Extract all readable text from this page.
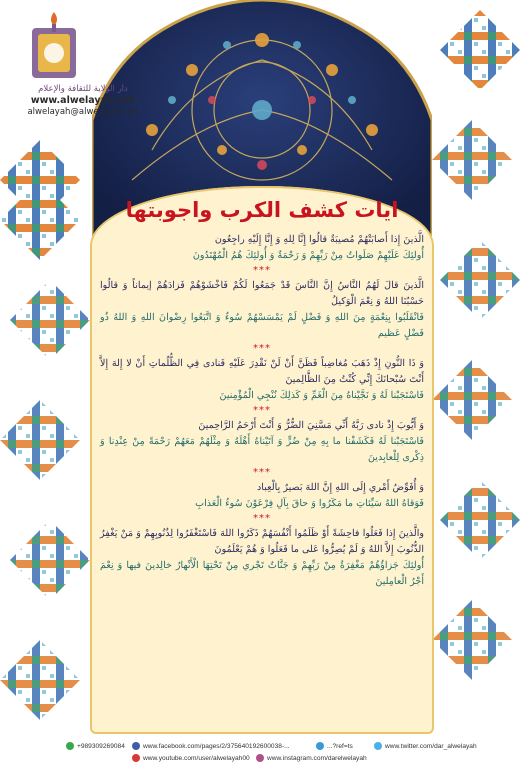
دار الولاية للثقافة والإعلام
www.alwelayah.net
alwelayah@alwelayah.net
ايات كشف الكرب واجوبتها

الَّذينَ إِذا أَصابَتْهُمْ مُصيبَةٌ قالُوا إِنَّا لِلهِ وَ إِنَّا إِلَيْهِ راجِعُون

أُولئِكَ عَلَيْهِمْ صَلَواتٌ مِنْ رَبِّهِمْ وَ رَحْمَةٌ وَ أُولئِكَ هُمُ الْمُهْتَدُونَ

***

الَّذينَ قالَ لَهُمُ النَّاسُ إِنَّ النَّاسَ قَدْ جَمَعُوا لَكُمْ فَاخْشَوْهُمْ فَزادَهُمْ إيماناً وَ قالُوا حَسْبُنَا اللهُ وَ نِعْمَ الْوَكيلُ

فَانْقَلَبُوا بِنِعْمَةٍ مِنَ اللهِ وَ فَضْلٍ لَمْ يَمْسَسْهُمْ سُوءٌ وَ اتَّبَعُوا رِضْوانَ اللهِ وَ اللهُ ذُو فَضْلٍ عَظيم

***

وَ ذَا النُّونِ إِذْ ذَهَبَ مُغاضِباً فَظَنَّ أَنْ لَنْ نَقْدِرَ عَلَيْهِ فَنادى فِي الظُّلُماتِ أَنْ لا إِلهَ إِلاَّ أَنْتَ سُبْحانَكَ إِنِّي كُنْتُ مِنَ الظَّالِمينَ

فَاسْتَجَبْنا لَهُ وَ نَجَّيْناهُ مِنَ الْغَمِّ وَ كَذلِكَ نُنْجِي الْمُؤْمِنينَ

***

وَ أَيُّوبَ إِذْ نادى رَبَّهُ أَنِّي مَسَّنِيَ الضُّرُّ وَ أَنْتَ أَرْحَمُ الرَّاحِمينَ

فَاسْتَجَبْنا لَهُ فَكَشَفْنا ما بِهِ مِنْ ضُرٍّ وَ آتَيْناهُ أَهْلَهُ وَ مِثْلَهُمْ مَعَهُمْ رَحْمَةً مِنْ عِنْدِنا وَ ذِكْرى لِلْعابِدينَ

***

وَ أُفَوِّضُ أَمْري إِلَى اللهِ إِنَّ اللهَ بَصيرٌ بِالْعِباد

فَوَقاهُ اللهُ سَيِّئاتِ ما مَكَرُوا وَ حاقَ بِآلِ فِرْعَوْنَ سُوءُ الْعَذابِ

***

والَّذينَ إِذا فَعَلُوا فاحِشَةً أَوْ ظَلَمُوا أَنْفُسَهُمْ ذَكَرُوا اللهَ فَاسْتَغْفَرُوا لِذُنُوبِهِمْ وَ مَنْ يَغْفِرُ الذُّنُوبَ إِلاَّ اللهُ وَ لَمْ يُصِرُّوا عَلى ما فَعَلُوا وَ هُمْ يَعْلَمُونَ

أُولئِكَ جَزاؤُهُمْ مَغْفِرَةٌ مِنْ رَبِّهِمْ وَ جَنَّاتٌ تَجْري مِنْ تَحْتِهَا الْأَنْهارُ خالِدينَ فيها وَ نِعْمَ أَجْرُ الْعامِلينَ

+989309269084	www.facebook.com/pages/2/375640192600038-...	...?ref=ts	www.twitter.com/dar_alwelayah
www.youtube.com/user/alwelayah00	www.instagram.com/darelwelayah
